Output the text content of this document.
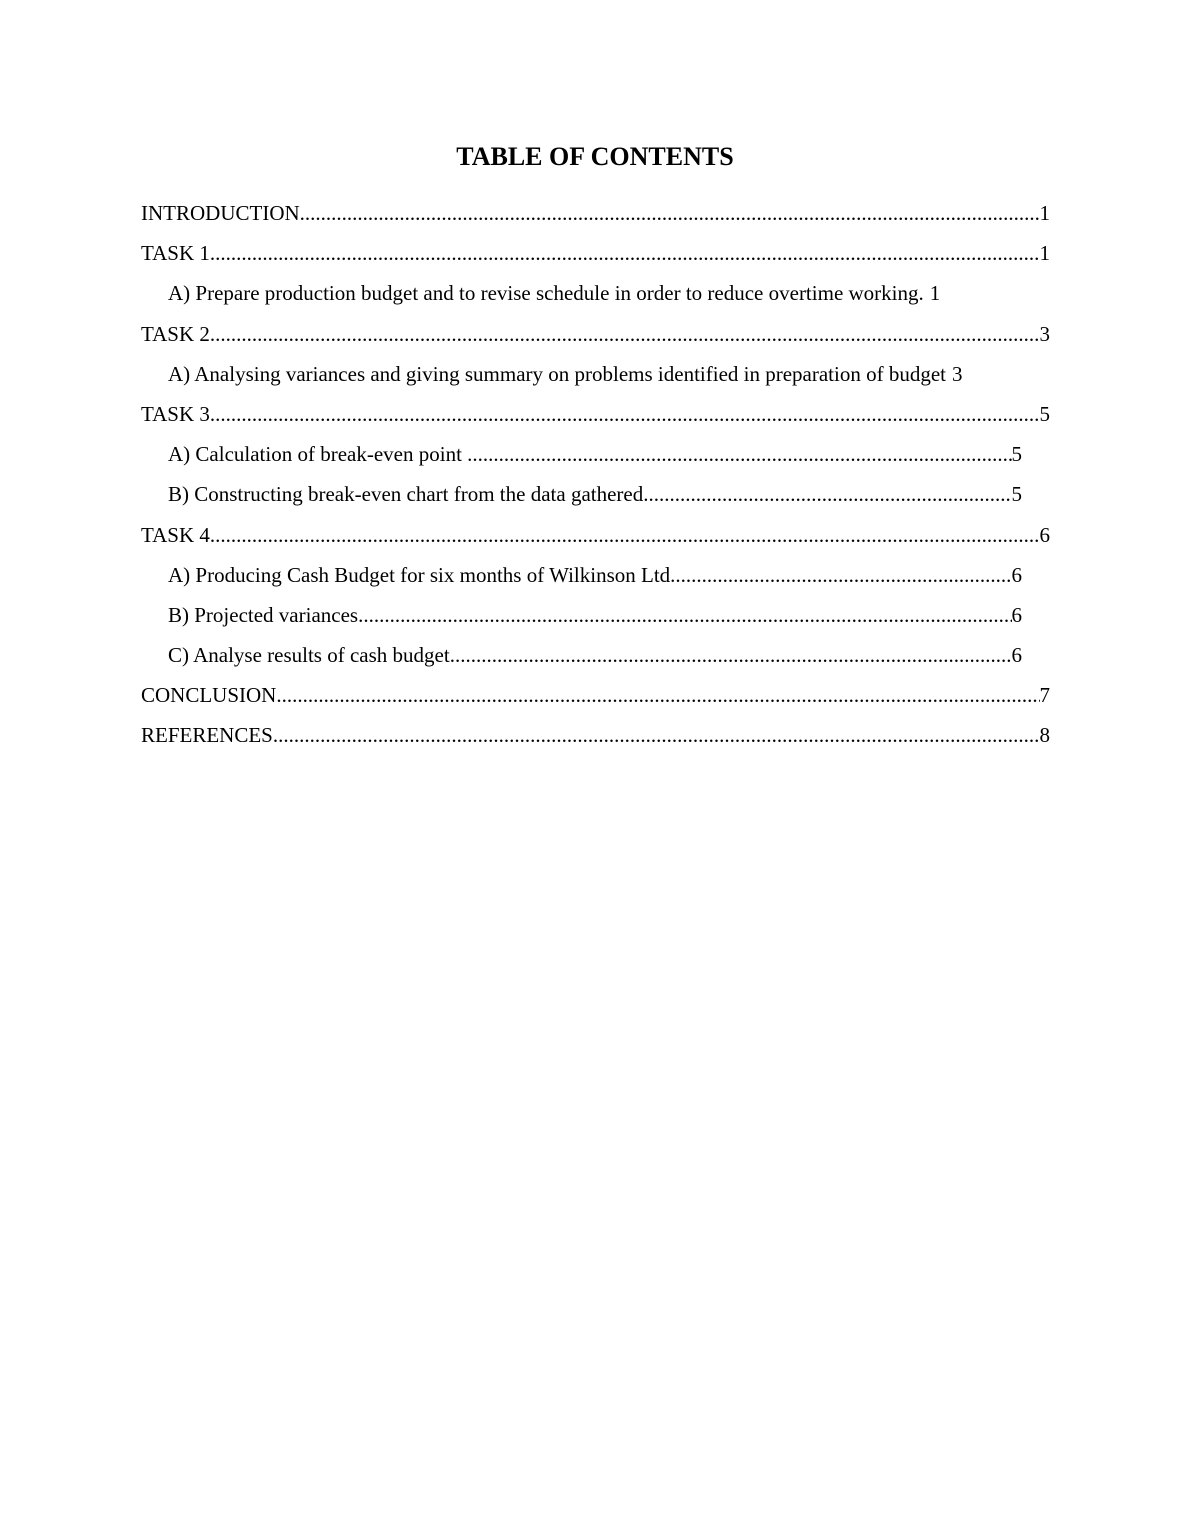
TABLE OF CONTENTS
INTRODUCTION .....	1
TASK 1 .....	1
A) Prepare production budget and to revise schedule in order to reduce overtime working. 1
TASK 2 .....	3
A) Analysing variances and giving summary on problems identified in preparation of budget 3
TASK 3 .....	5
A) Calculation of break-even point .....	5
B) Constructing break-even chart from the data gathered .....	5
TASK 4 .....	6
A) Producing Cash Budget for six months of Wilkinson Ltd .....	6
B) Projected variances .....	6
C) Analyse results of cash budget .....	6
CONCLUSION .....	7
REFERENCES .....	8
